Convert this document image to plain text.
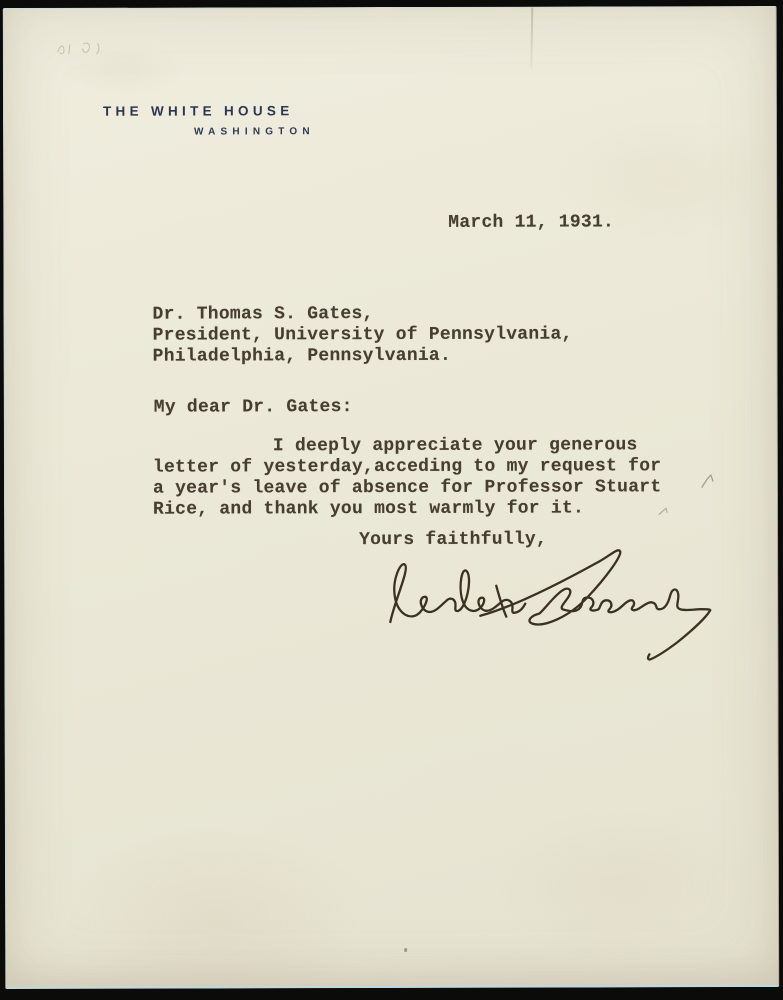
THE WHITE HOUSE
WASHINGTON
March 11, 1931.
Dr. Thomas S. Gates,
President, University of Pennsylvania,
Philadelphia, Pennsylvania.
My dear Dr. Gates:
I deeply appreciate your generous
letter of yesterday,acceding to my request for
a year's leave of absence for Professor Stuart
Rice, and thank you most warmly for it.
Yours faithfully,
